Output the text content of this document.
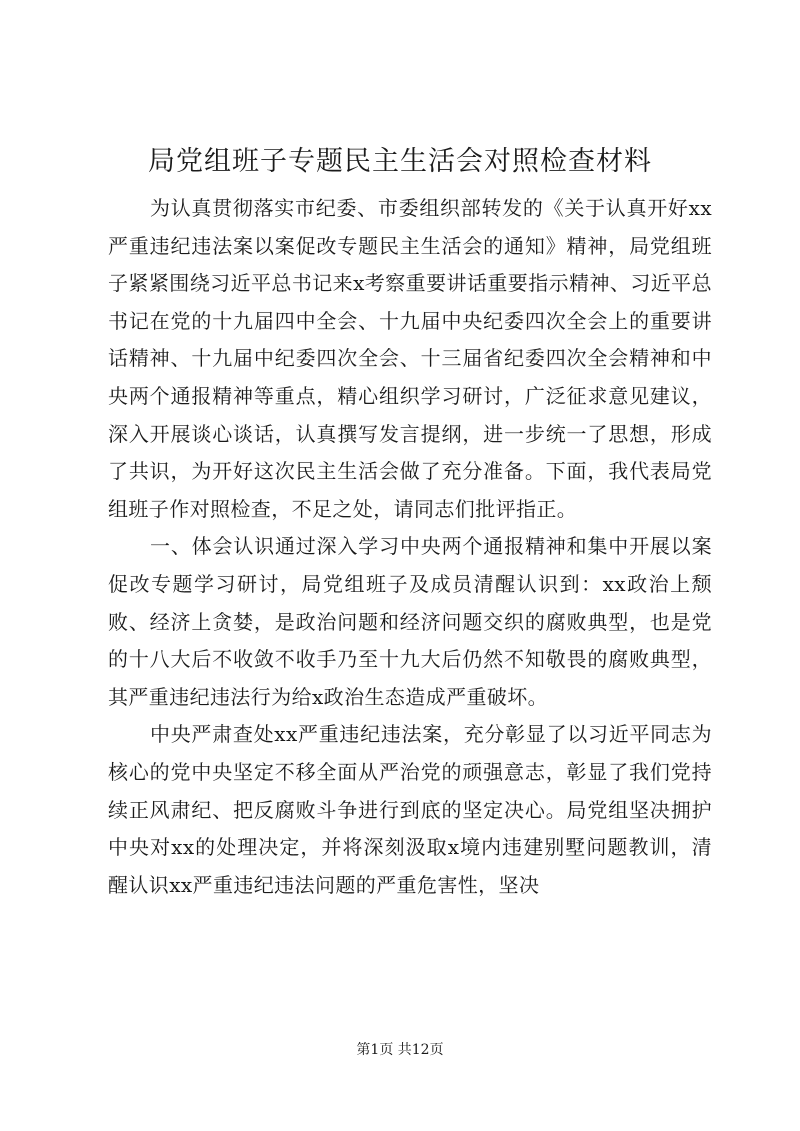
局党组班子专题民主生活会对照检查材料

为认真贯彻落实市纪委、市委组织部转发的《关于认真开好xx严重违纪违法案以案促改专题民主生活会的通知》精神，局党组班子紧紧围绕习近平总书记来x考察重要讲话重要指示精神、习近平总书记在党的十九届四中全会、十九届中央纪委四次全会上的重要讲话精神、十九届中纪委四次全会、十三届省纪委四次全会精神和中央两个通报精神等重点，精心组织学习研讨，广泛征求意见建议，深入开展谈心谈话，认真撰写发言提纲，进一步统一了思想，形成了共识，为开好这次民主生活会做了充分准备。下面，我代表局党组班子作对照检查，不足之处，请同志们批评指正。

一、体会认识通过深入学习中央两个通报精神和集中开展以案促改专题学习研讨，局党组班子及成员清醒认识到：xx政治上颓败、经济上贪婪，是政治问题和经济问题交织的腐败典型，也是党的十八大后不收敛不收手乃至十九大后仍然不知敬畏的腐败典型，其严重违纪违法行为给x政治生态造成严重破坏。

中央严肃查处xx严重违纪违法案，充分彰显了以习近平同志为核心的党中央坚定不移全面从严治党的顽强意志，彰显了我们党持续正风肃纪、把反腐败斗争进行到底的坚定决心。局党组坚决拥护中央对xx的处理决定，并将深刻汲取x境内违建别墅问题教训，清醒认识xx严重违纪违法问题的严重危害性，坚决

第1页 共12页
